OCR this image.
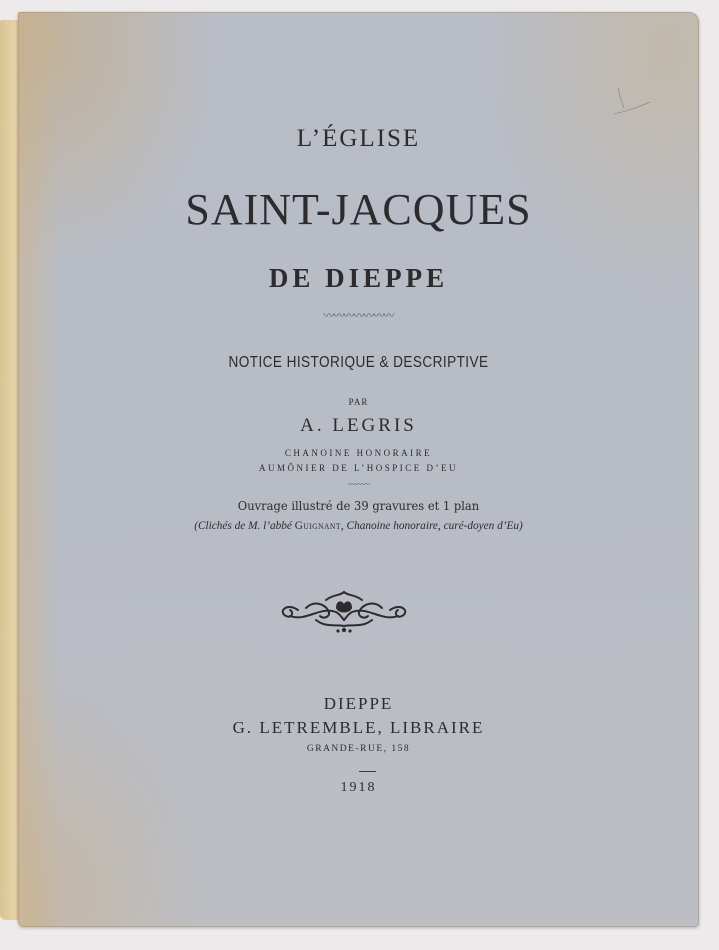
L’ÉGLISE
SAINT-JACQUES
DE DIEPPE
〰〰〰〰〰〰〰
NOTICE HISTORIQUE & DESCRIPTIVE
PAR
A. LEGRIS
CHANOINE HONORAIRE
AUMÔNIER DE L’HOSPICE D’EU
〰〰〰
Ouvrage illustré de 39 gravures et 1 plan
(Clichés de M. l’abbé Guignant, Chanoine honoraire, curé-doyen d’Eu)
DIEPPE
G. LETREMBLE, LIBRAIRE
GRANDE-RUE, 158
1918
